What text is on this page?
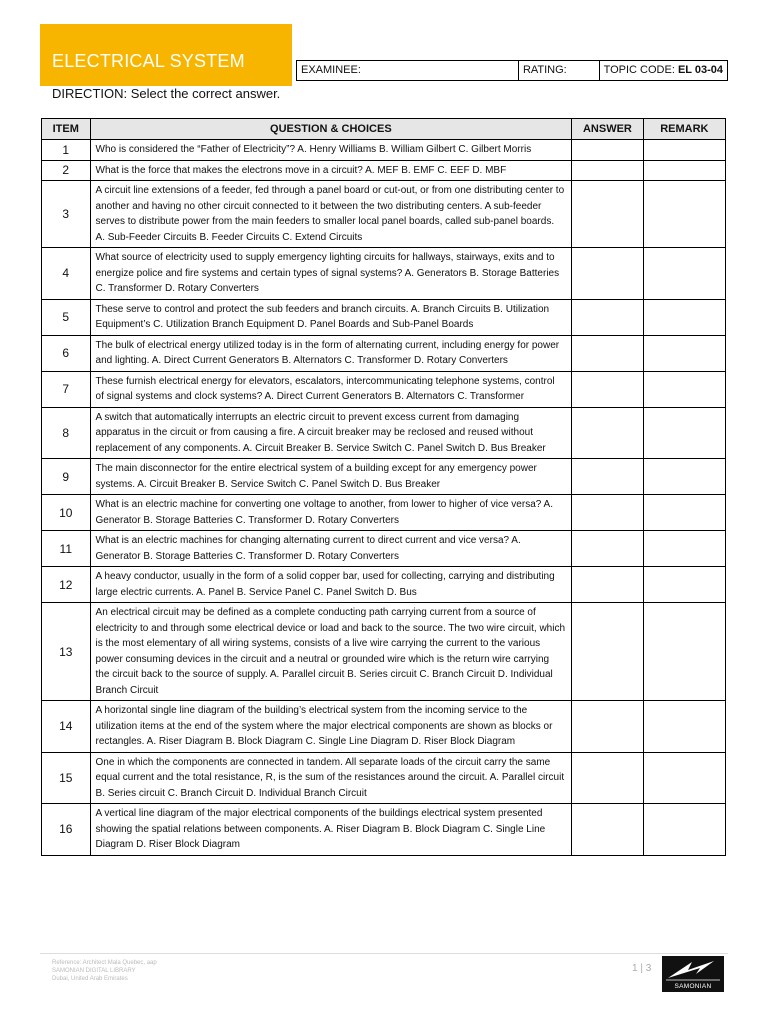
ELECTRICAL SYSTEM	EXAMINEE:	RATING:	TOPIC CODE: EL 03-04
DIRECTION: Select the correct answer.
ITEM	QUESTION & CHOICES	ANSWER	REMARK
1	Who is considered the “Father of Electricity”? A. Henry Williams B. William Gilbert C. Gilbert Morris		
2	What is the force that makes the electrons move in a circuit? A. MEF B. EMF C. EEF D. MBF		
3	A circuit line extensions of a feeder, fed through a panel board or cut-out, or from one distributing center to another and having no other circuit connected to it between the two distributing centers. A sub-feeder serves to distribute power from the main feeders to smaller local panel boards, called sub-panel boards. A. Sub-Feeder Circuits B. Feeder Circuits C. Extend Circuits		
4	What source of electricity used to supply emergency lighting circuits for hallways, stairways, exits and to energize police and fire systems and certain types of signal systems? A. Generators B. Storage Batteries C. Transformer D. Rotary Converters		
5	These serve to control and protect the sub feeders and branch circuits. A. Branch Circuits B. Utilization Equipment’s C. Utilization Branch Equipment D. Panel Boards and Sub-Panel Boards		
6	The bulk of electrical energy utilized today is in the form of alternating current, including energy for power and lighting. A. Direct Current Generators B. Alternators C. Transformer D. Rotary Converters		
7	These furnish electrical energy for elevators, escalators, intercommunicating telephone systems, control of signal systems and clock systems? A. Direct Current Generators B. Alternators C. Transformer		
8	A switch that automatically interrupts an electric circuit to prevent excess current from damaging apparatus in the circuit or from causing a fire. A circuit breaker may be reclosed and reused without replacement of any components. A. Circuit Breaker B. Service Switch C. Panel Switch D. Bus Breaker		
9	The main disconnector for the entire electrical system of a building except for any emergency power systems. A. Circuit Breaker B. Service Switch C. Panel Switch D. Bus Breaker		
10	What is an electric machine for converting one voltage to another, from lower to higher of vice versa? A. Generator B. Storage Batteries C. Transformer D. Rotary Converters		
11	What is an electric machines for changing alternating current to direct current and vice versa? A. Generator B. Storage Batteries C. Transformer D. Rotary Converters		
12	A heavy conductor, usually in the form of a solid copper bar, used for collecting, carrying and distributing large electric currents. A. Panel B. Service Panel C. Panel Switch D. Bus		
13	An electrical circuit may be defined as a complete conducting path carrying current from a source of electricity to and through some electrical device or load and back to the source. The two wire circuit, which is the most elementary of all wiring systems, consists of a live wire carrying the current to the various power consuming devices in the circuit and a neutral or grounded wire which is the return wire carrying the circuit back to the source of supply. A. Parallel circuit B. Series circuit C. Branch Circuit D. Individual Branch Circuit		
14	A horizontal single line diagram of the building’s electrical system from the incoming service to the utilization items at the end of the system where the major electrical components are shown as blocks or rectangles. A. Riser Diagram B. Block Diagram C. Single Line Diagram D. Riser Block Diagram		
15	One in which the components are connected in tandem. All separate loads of the circuit carry the same equal current and the total resistance, R, is the sum of the resistances around the circuit. A. Parallel circuit B. Series circuit C. Branch Circuit D. Individual Branch Circuit		
16	A vertical line diagram of the major electrical components of the buildings electrical system presented showing the spatial relations between components. A. Riser Diagram B. Block Diagram C. Single Line Diagram D. Riser Block Diagram		
Reference: Architect Mala Quebec, aap
SAMONIAN DIGITAL LIBRARY
Dubai, United Arab Emirates
1 | 3
SAMONIAN
